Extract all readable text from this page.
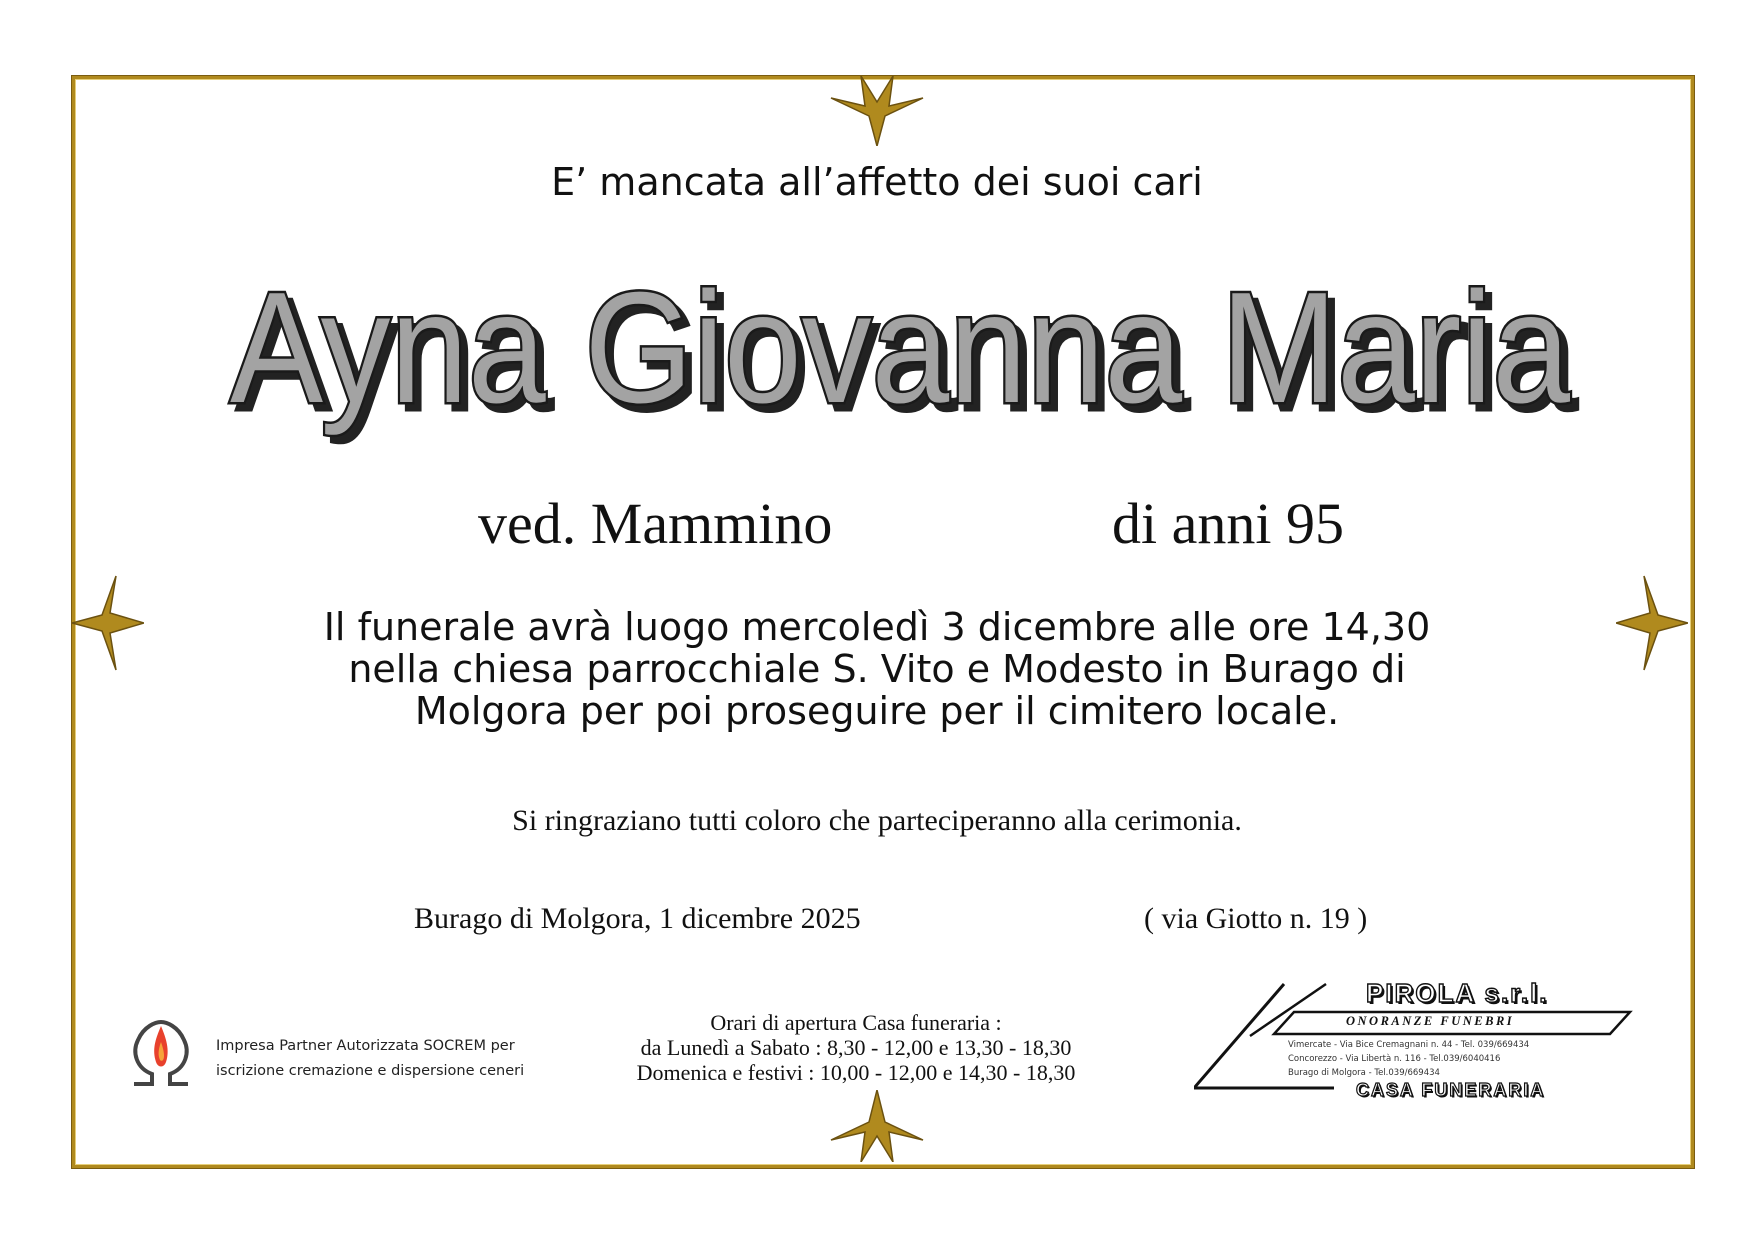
E’ mancata all’affetto dei suoi cari
Ayna Giovanna Maria
Ayna Giovanna Maria
ved. Mammino	di anni 95
Il funerale avrà luogo mercoledì 3 dicembre alle ore 14,30
nella chiesa parrocchiale S. Vito e Modesto in Burago di
Molgora per poi proseguire per il cimitero locale.
Si ringraziano tutti coloro che parteciperanno alla cerimonia.
Burago di Molgora, 1 dicembre 2025	( via Giotto n. 19 )
Impresa Partner Autorizzata SOCREM per
iscrizione cremazione e dispersione ceneri
Orari di apertura Casa funeraria :
da Lunedì a Sabato : 8,30 - 12,00 e 13,30 - 18,30
Domenica e festivi : 10,00 - 12,00 e 14,30 - 18,30
PIROLA s.r.l.
ONORANZE FUNEBRI
Vimercate - Via Bice Cremagnani n. 44 - Tel. 039/669434
Concorezzo - Via Libertà n. 116 - Tel.039/6040416
Burago di Molgora - Tel.039/669434
CASA FUNERARIA
